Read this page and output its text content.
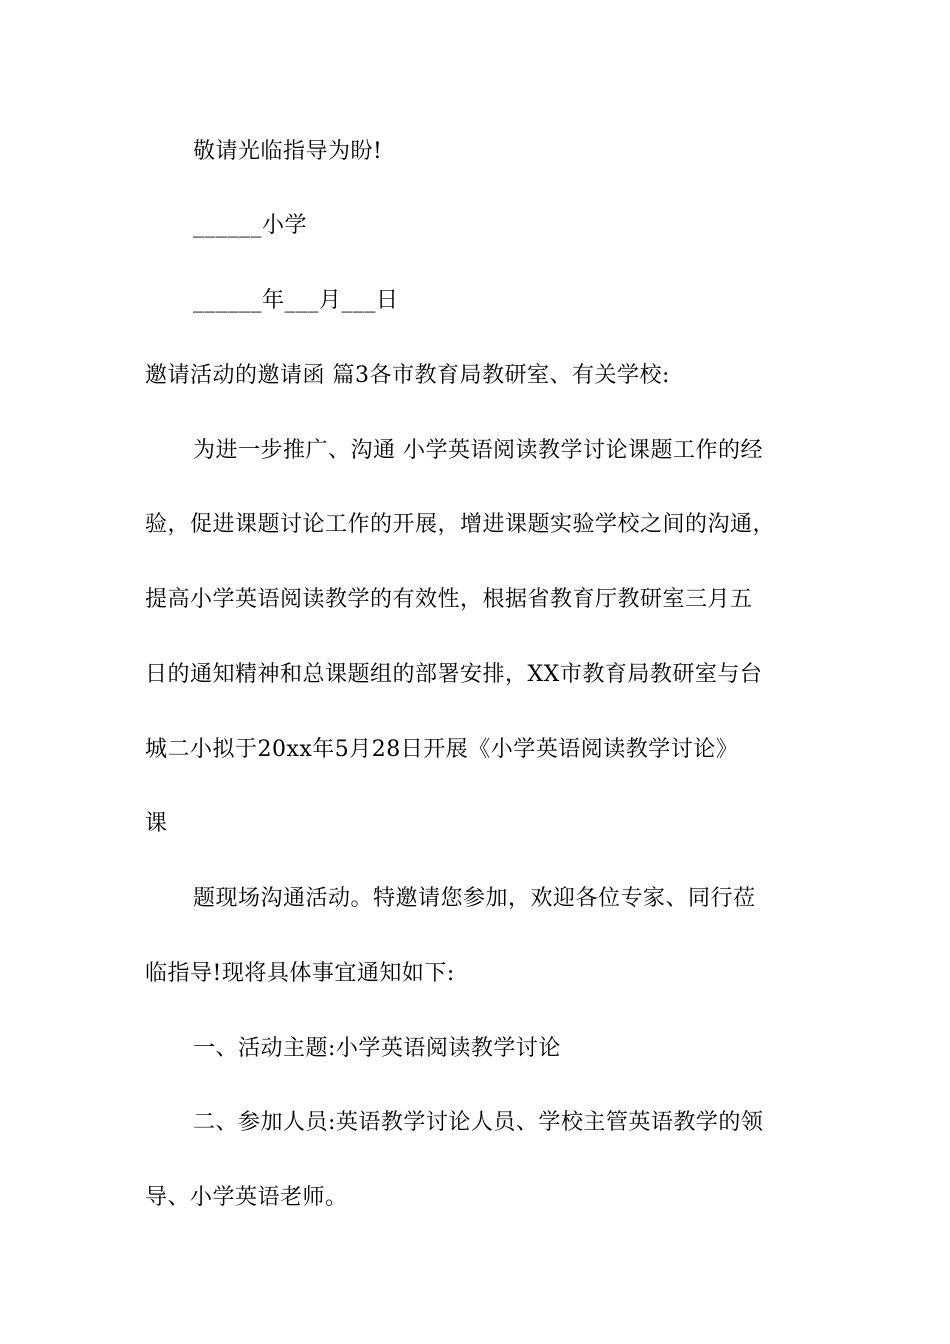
敬请光临指导为盼!
______小学
______年___月___日
邀请活动的邀请函 篇3各市教育局教研室、有关学校:
为进一步推广、沟通 小学英语阅读教学讨论课题工作的经
验，促进课题讨论工作的开展，增进课题实验学校之间的沟通，
提高小学英语阅读教学的有效性，根据省教育厅教研室三月五
日的通知精神和总课题组的部署安排，XX市教育局教研室与台
城二小拟于20xx年5月28日开展《小学英语阅读教学讨论》
课
题现场沟通活动。特邀请您参加，欢迎各位专家、同行莅
临指导!现将具体事宜通知如下:
一、活动主题:小学英语阅读教学讨论
二、参加人员:英语教学讨论人员、学校主管英语教学的领
导、小学英语老师。
